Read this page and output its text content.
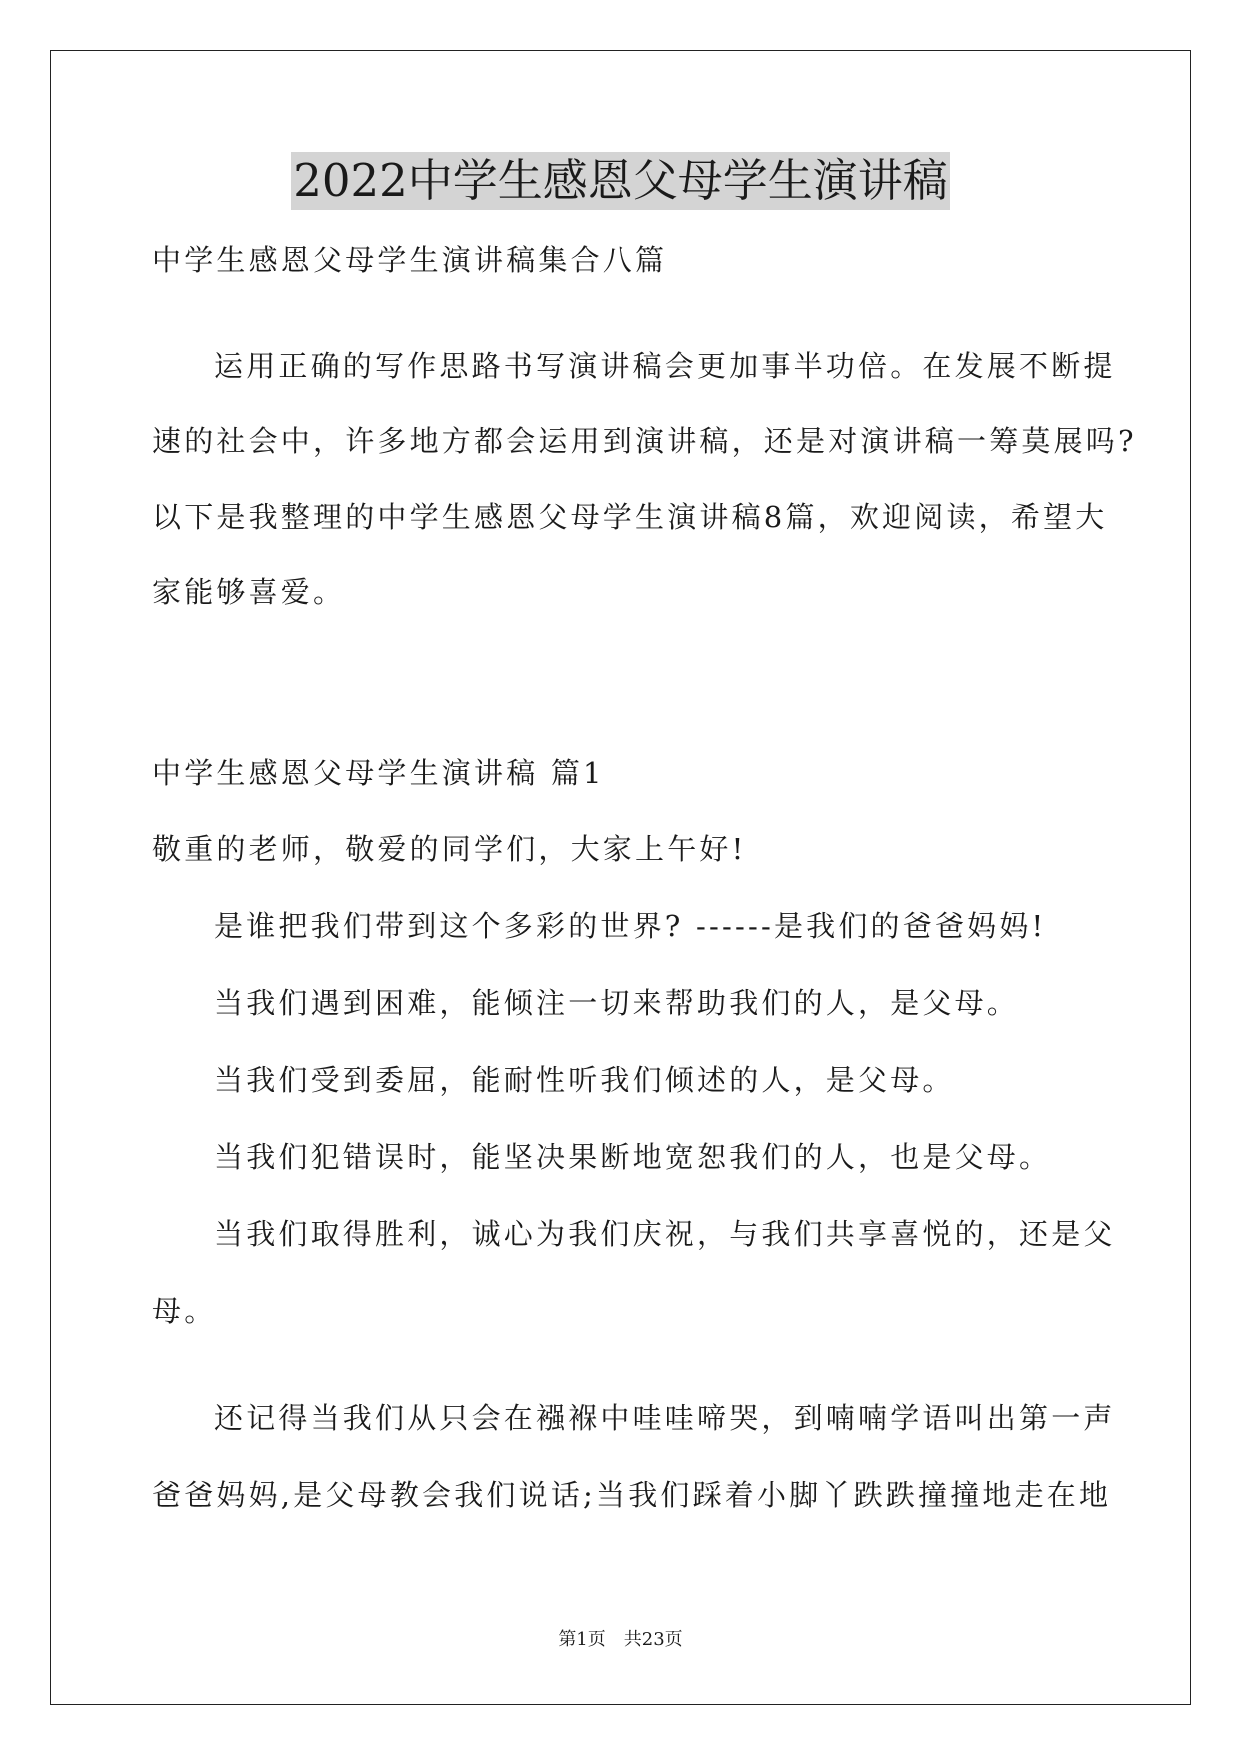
2022中学生感恩父母学生演讲稿
中学生感恩父母学生演讲稿集合八篇
运用正确的写作思路书写演讲稿会更加事半功倍。在发展不断提
速的社会中，许多地方都会运用到演讲稿，还是对演讲稿一筹莫展吗?
以下是我整理的中学生感恩父母学生演讲稿8篇，欢迎阅读，希望大
家能够喜爱。
中学生感恩父母学生演讲稿 篇1
敬重的老师，敬爱的同学们，大家上午好!
是谁把我们带到这个多彩的世界? ------是我们的爸爸妈妈!
当我们遇到困难，能倾注一切来帮助我们的人，是父母。
当我们受到委屈，能耐性听我们倾述的人，是父母。
当我们犯错误时，能坚决果断地宽恕我们的人，也是父母。
当我们取得胜利，诚心为我们庆祝，与我们共享喜悦的，还是父
母。
还记得当我们从只会在襁褓中哇哇啼哭，到喃喃学语叫出第一声
爸爸妈妈,是父母教会我们说话;当我们踩着小脚丫跌跌撞撞地走在地
第1页　共23页
